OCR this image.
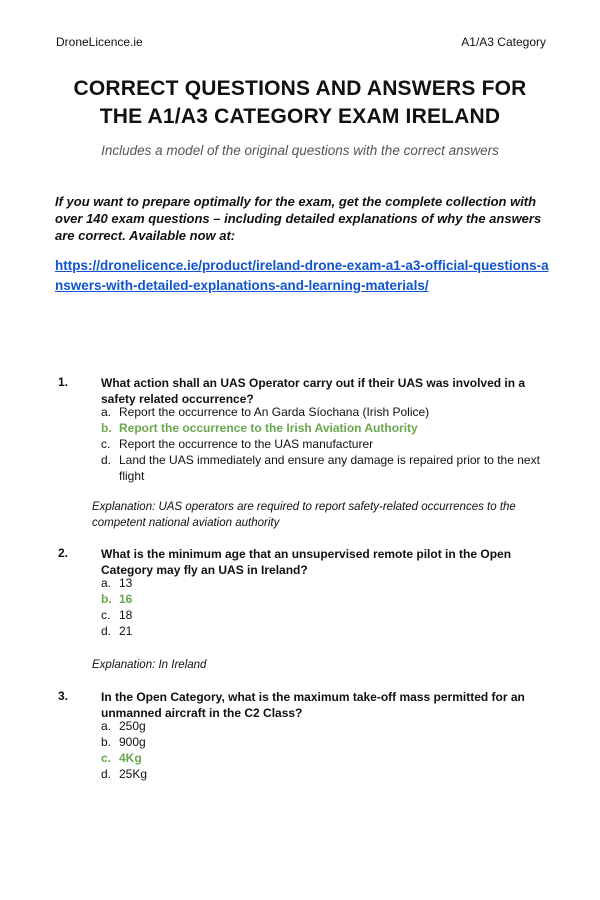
DroneLicence.ie	A1/A3 Category
CORRECT QUESTIONS AND ANSWERS FOR
THE A1/A3 CATEGORY EXAM IRELAND
Includes a model of the original questions with the correct answers
If you want to prepare optimally for the exam, get the complete collection with over 140 exam questions – including detailed explanations of why the answers are correct. Available now at:
https://dronelicence.ie/product/ireland-drone-exam-a1-a3-official-questions-answers-with-detailed-explanations-and-learning-materials/
1.	What action shall an UAS Operator carry out if their UAS was involved in a safety related occurrence?
a. Report the occurrence to An Garda Síochana (Irish Police)
b. Report the occurrence to the Irish Aviation Authority
c. Report the occurrence to the UAS manufacturer
d. Land the UAS immediately and ensure any damage is repaired prior to the next flight
Explanation: UAS operators are required to report safety-related occurrences to the competent national aviation authority
2.	What is the minimum age that an unsupervised remote pilot in the Open Category may fly an UAS in Ireland?
a. 13
b. 16
c. 18
d. 21
Explanation: In Ireland
3.	In the Open Category, what is the maximum take-off mass permitted for an unmanned aircraft in the C2 Class?
a. 250g
b. 900g
c. 4Kg
d. 25Kg
